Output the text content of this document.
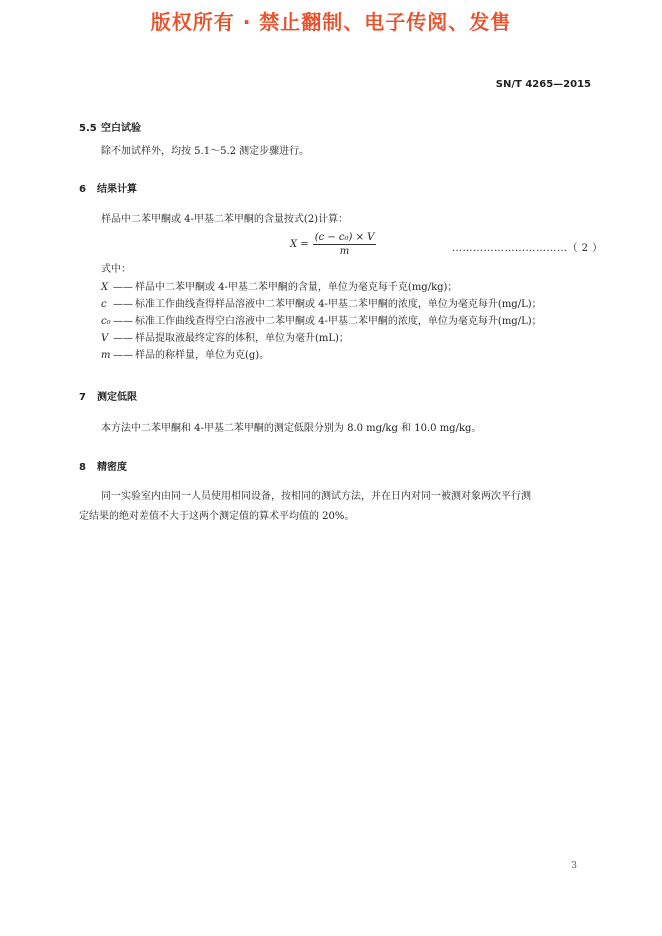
版权所有 · 禁止翻制、电子传阅、发售
SN/T 4265—2015
5.5 空白试验
除不加试样外，均按 5.1～5.2 测定步骤进行。
6 结果计算
样品中二苯甲酮或 4-甲基二苯甲酮的含量按式(2)计算：
$X = \frac{\text{(c − c₀) × V}}{m}$	……………………………（ 2 ）
式中：
X —— 样品中二苯甲酮或 4-甲基二苯甲酮的含量，单位为毫克每千克(mg/kg)；
c —— 标准工作曲线查得样品溶液中二苯甲酮或 4-甲基二苯甲酮的浓度，单位为毫克每升(mg/L)；
c₀ —— 标准工作曲线查得空白溶液中二苯甲酮或 4-甲基二苯甲酮的浓度，单位为毫克每升(mg/L)；
V —— 样品提取液最终定容的体积，单位为毫升(mL)；
m —— 样品的称样量，单位为克(g)。
7 测定低限
本方法中二苯甲酮和 4-甲基二苯甲酮的测定低限分别为 8.0 mg/kg 和 10.0 mg/kg。
8 精密度
同一实验室内由同一人员使用相同设备，按相同的测试方法，并在日内对同一被测对象两次平行测
定结果的绝对差值不大于这两个测定值的算术平均值的 20%。
3
